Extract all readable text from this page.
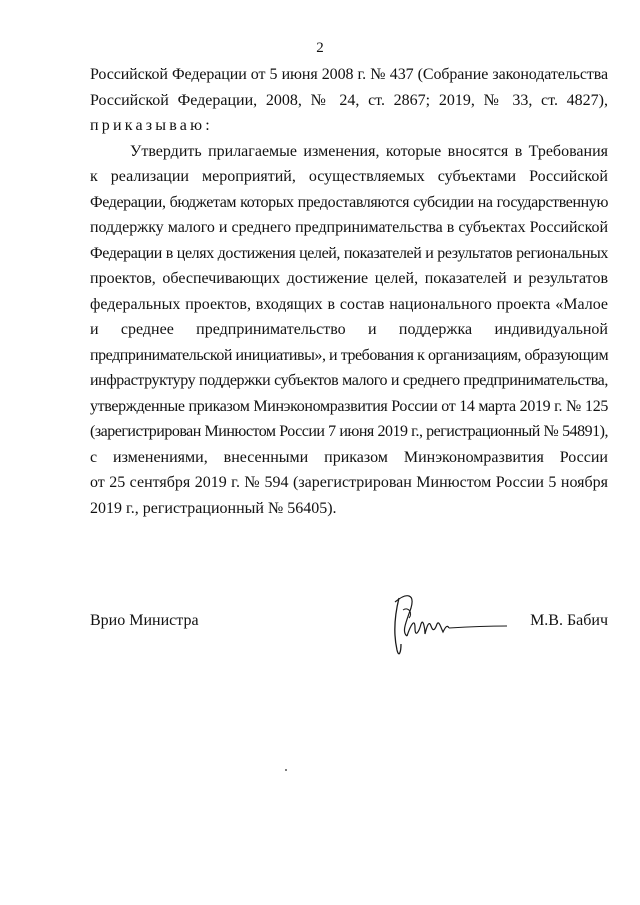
2
Российской Федерации от 5 июня 2008 г. № 437 (Собрание законодательства
Российской Федерации, 2008, № 24, ст. 2867; 2019, № 33, ст. 4827),
приказываю:
Утвердить прилагаемые изменения, которые вносятся в Требования
к реализации мероприятий, осуществляемых субъектами Российской
Федерации, бюджетам которых предоставляются субсидии на государственную
поддержку малого и среднего предпринимательства в субъектах Российской
Федерации в целях достижения целей, показателей и результатов региональных
проектов, обеспечивающих достижение целей, показателей и результатов
федеральных проектов, входящих в состав национального проекта «Малое
и среднее предпринимательство и поддержка индивидуальной
предпринимательской инициативы», и требования к организациям, образующим
инфраструктуру поддержки субъектов малого и среднего предпринимательства,
утвержденные приказом Минэкономразвития России от 14 марта 2019 г. № 125
(зарегистрирован Минюстом России 7 июня 2019 г., регистрационный № 54891),
с изменениями, внесенными приказом Минэкономразвития России
от 25 сентября 2019 г. № 594 (зарегистрирован Минюстом России 5 ноября
2019 г., регистрационный № 56405).
Врио Министра	М.В. Бабич
